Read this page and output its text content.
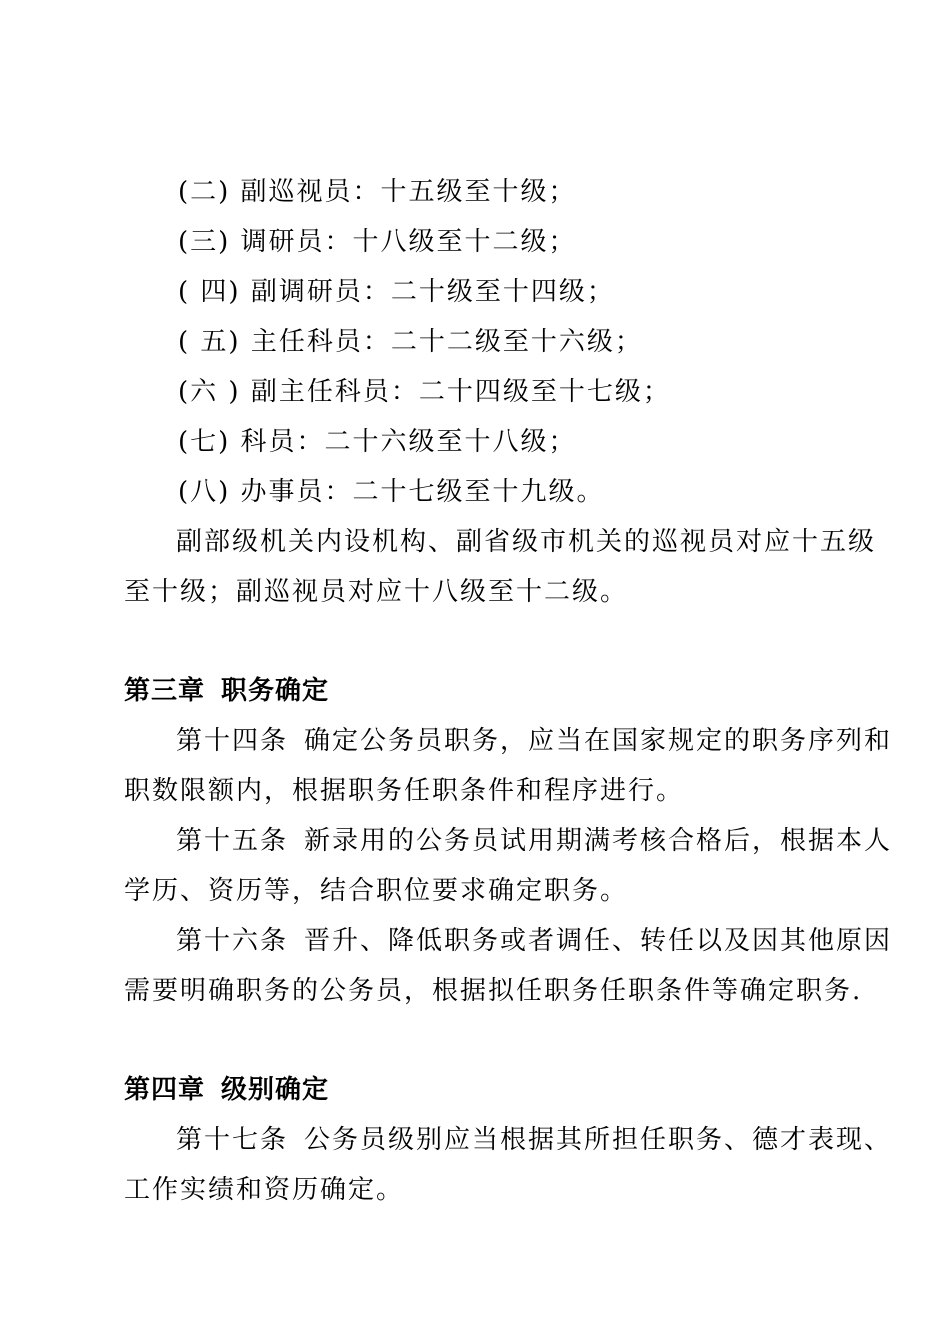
(二) 副巡视员：十五级至十级；
(三) 调研员：十八级至十二级；
( 四) 副调研员：二十级至十四级；
( 五) 主任科员：二十二级至十六级；
(六 ) 副主任科员：二十四级至十七级；
(七) 科员：二十六级至十八级；
(八) 办事员：二十七级至十九级。
副部级机关内设机构、副省级市机关的巡视员对应十五级
至十级；副巡视员对应十八级至十二级。
第三章 职务确定
第十四条 确定公务员职务，应当在国家规定的职务序列和
职数限额内，根据职务任职条件和程序进行。
第十五条 新录用的公务员试用期满考核合格后，根据本人
学历、资历等，结合职位要求确定职务。
第十六条 晋升、降低职务或者调任、转任以及因其他原因
需要明确职务的公务员，根据拟任职务任职条件等确定职务.
第四章 级别确定
第十七条 公务员级别应当根据其所担任职务、德才表现、
工作实绩和资历确定。
